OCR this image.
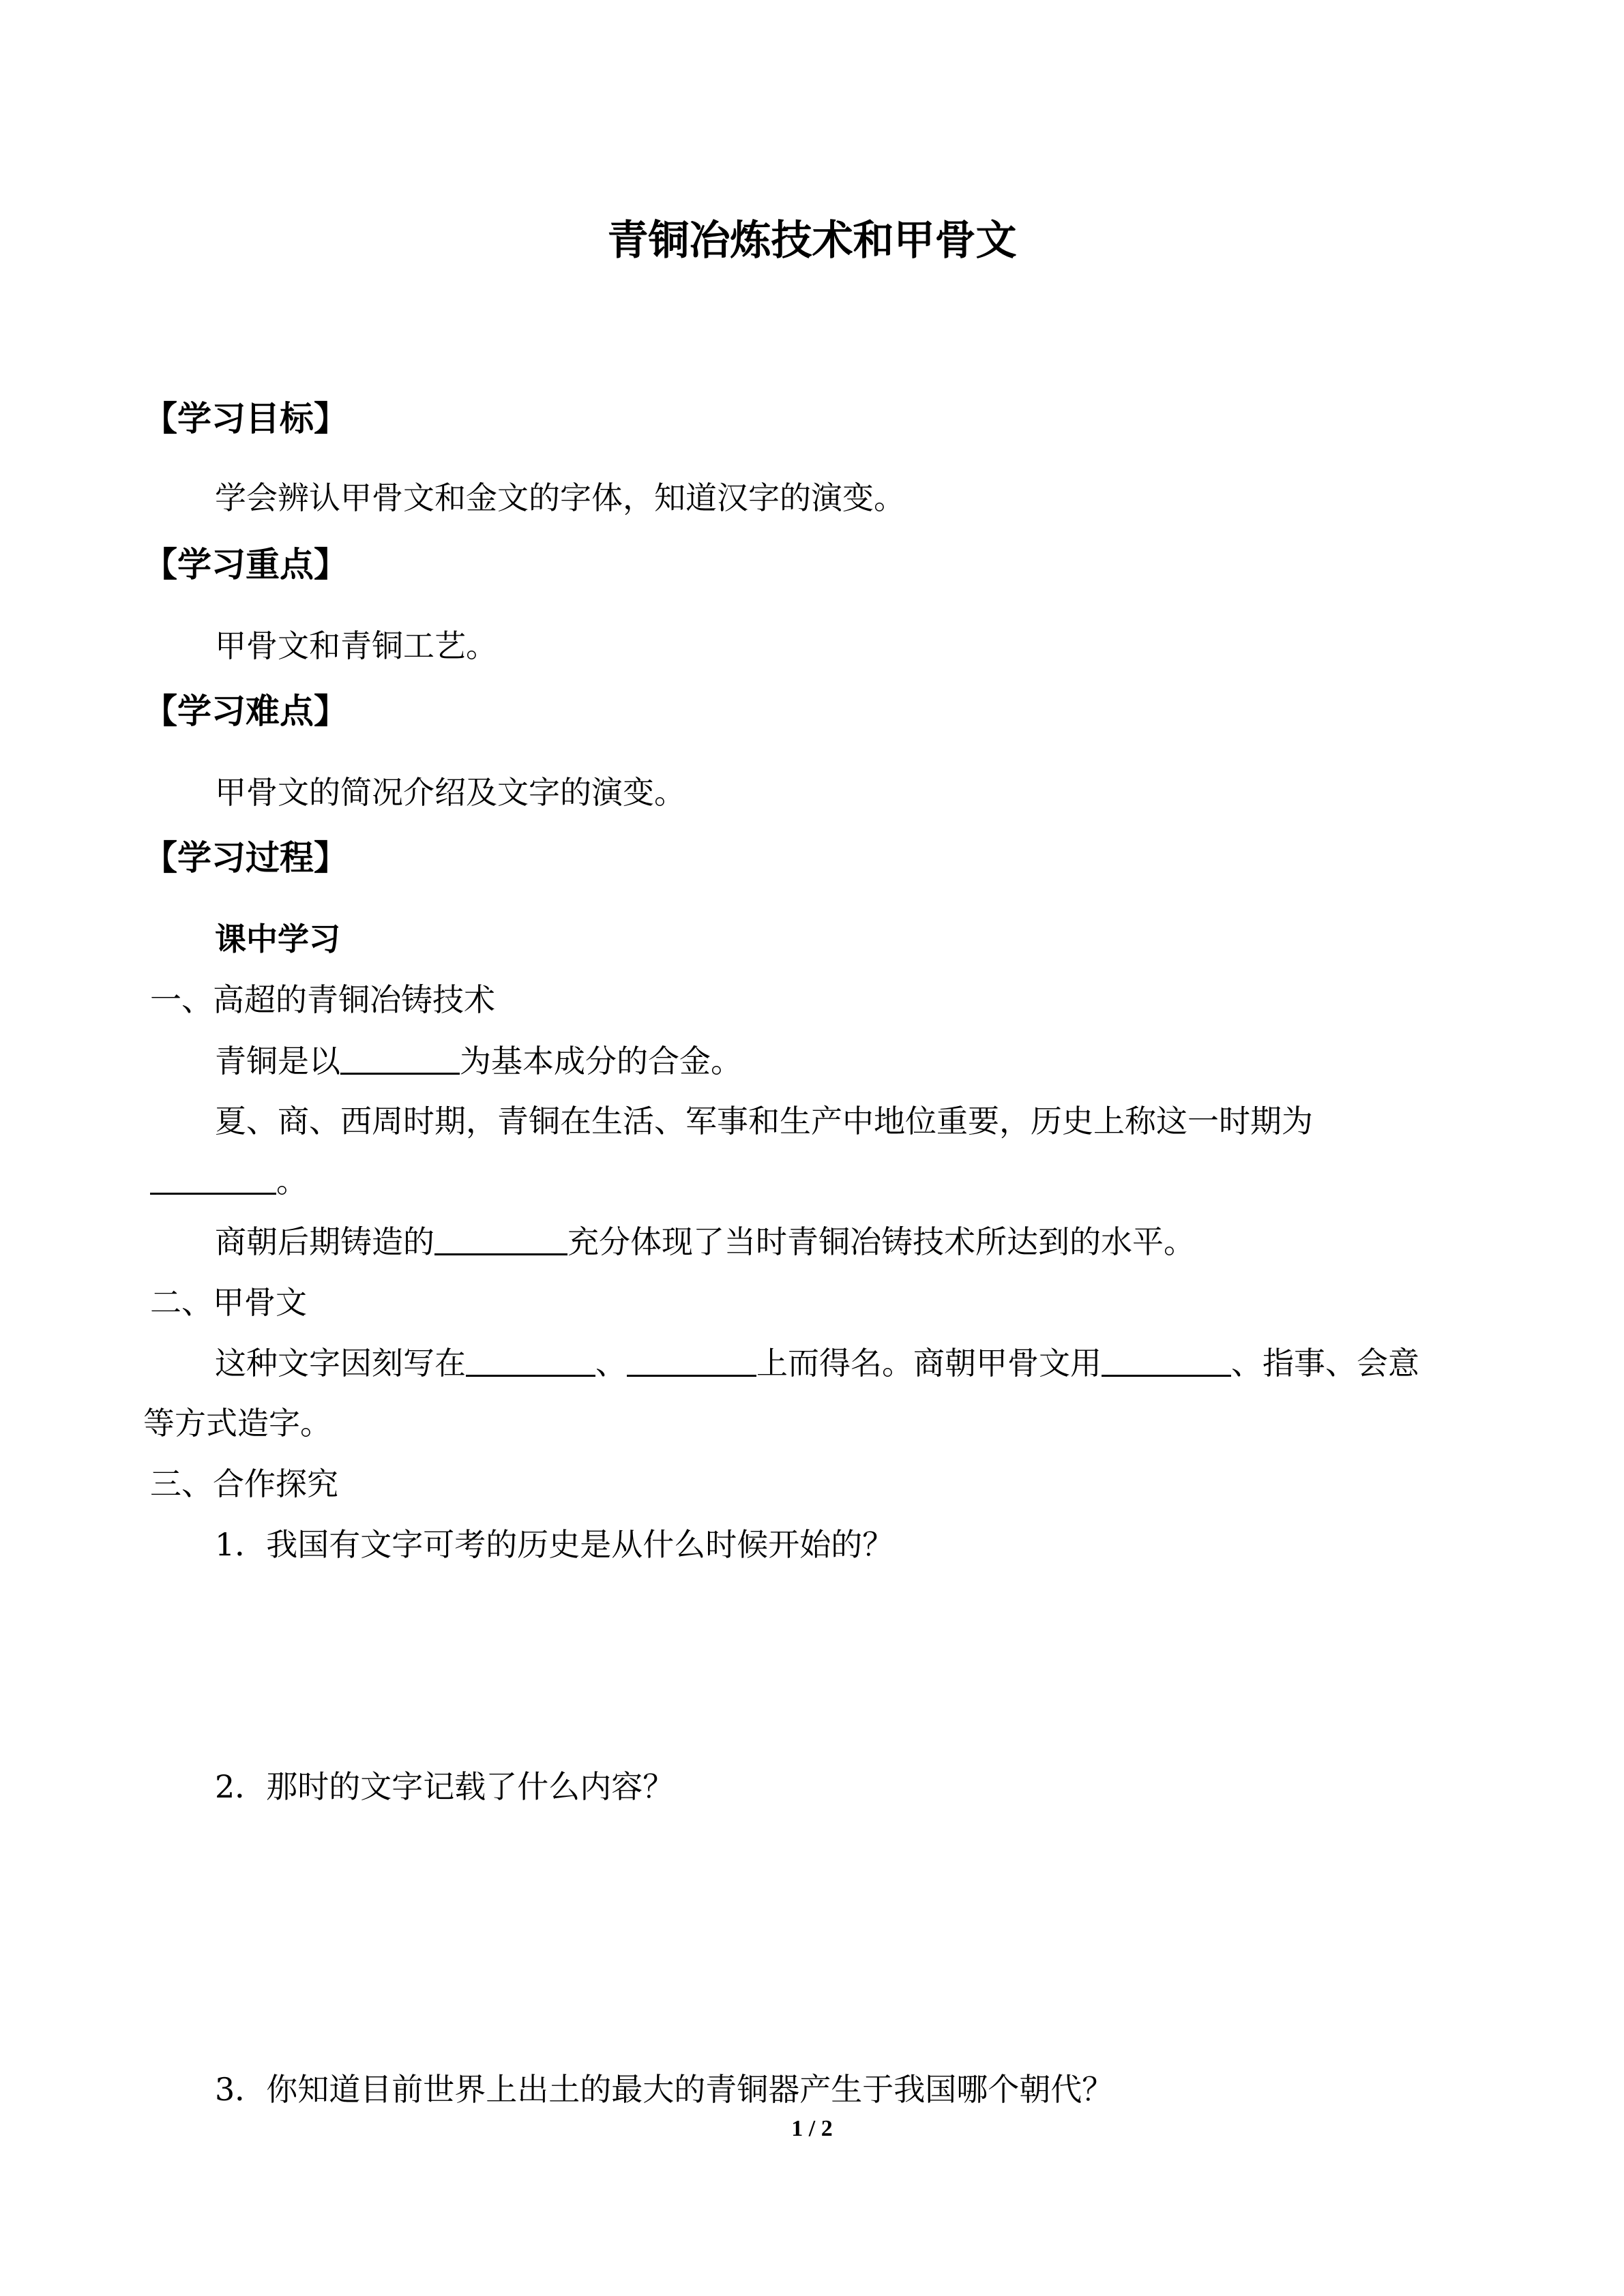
青铜冶炼技术和甲骨文
【学习目标】
学会辨认甲骨文和金文的字体，知道汉字的演变。
【学习重点】
甲骨文和青铜工艺。
【学习难点】
甲骨文的简况介绍及文字的演变。
【学习过程】
课中学习
一、高超的青铜冶铸技术
青铜是以	为基本成分的合金。
夏、商、西周时期，青铜在生活、军事和生产中地位重要，历史上称这一时期为
。
商朝后期铸造的	充分体现了当时青铜冶铸技术所达到的水平。
二、甲骨文
这种文字因刻写在	、	上而得名。商朝甲骨文用	、指事、会意
等方式造字。
三、合作探究
1．我国有文字可考的历史是从什么时候开始的？
2．那时的文字记载了什么内容？
3．你知道目前世界上出土的最大的青铜器产生于我国哪个朝代？
1 / 2
